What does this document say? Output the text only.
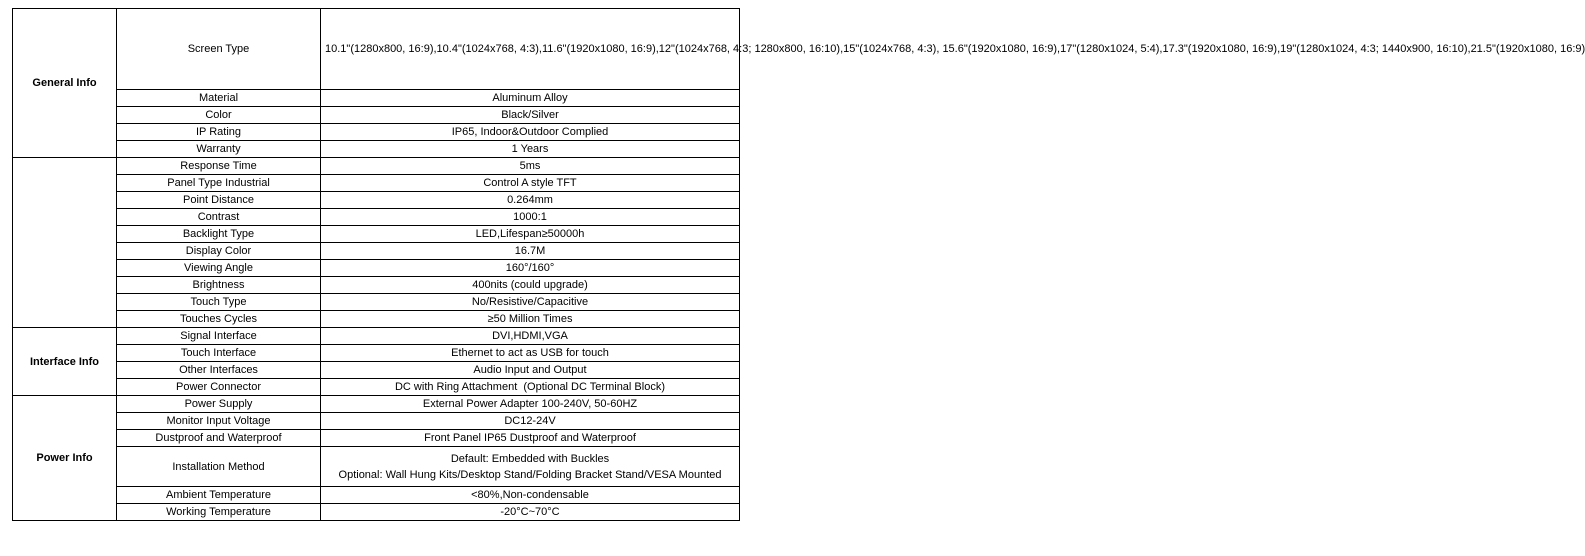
General Info	Screen Type	10.1"(1280x800, 16:9),10.4"(1024x768, 4:3),11.6"(1920x1080, 16:9),12"(1024x768, 4:3; 1280x800, 16:10),15"(1024x768, 4:3), 15.6"(1920x1080, 16:9),17"(1280x1024, 5:4),17.3"(1920x1080, 16:9),19"(1280x1024, 4:3; 1440x900, 16:10),21.5"(1920x1080, 16:9)
	Material	Aluminum Alloy
	Color	Black/Silver
	IP Rating	IP65, Indoor&Outdoor Complied
	Warranty	1 Years
	Response Time	5ms
	Panel Type Industrial	Control A style TFT
	Point Distance	0.264mm
	Contrast	1000:1
	Backlight Type	LED,Lifespan≥50000h
	Display Color	16.7M
	Viewing Angle	160°/160°
	Brightness	400nits (could upgrade)
	Touch Type	No/Resistive/Capacitive
	Touches Cycles	≥50 Million Times
Interface Info	Signal Interface	DVI,HDMI,VGA
	Touch Interface	Ethernet to act as USB for touch
	Other Interfaces	Audio Input and Output
	Power Connector	DC with Ring Attachment  (Optional DC Terminal Block)
Power Info	Power Supply	External Power Adapter 100-240V, 50-60HZ
	Monitor Input Voltage	DC12-24V
	Dustproof and Waterproof	Front Panel IP65 Dustproof and Waterproof
	Installation Method	Default: Embedded with Buckles
Optional: Wall Hung Kits/Desktop Stand/Folding Bracket Stand/VESA Mounted

	Ambient Temperature	<80%,Non-condensable
	Working Temperature	-20°C~70°C
